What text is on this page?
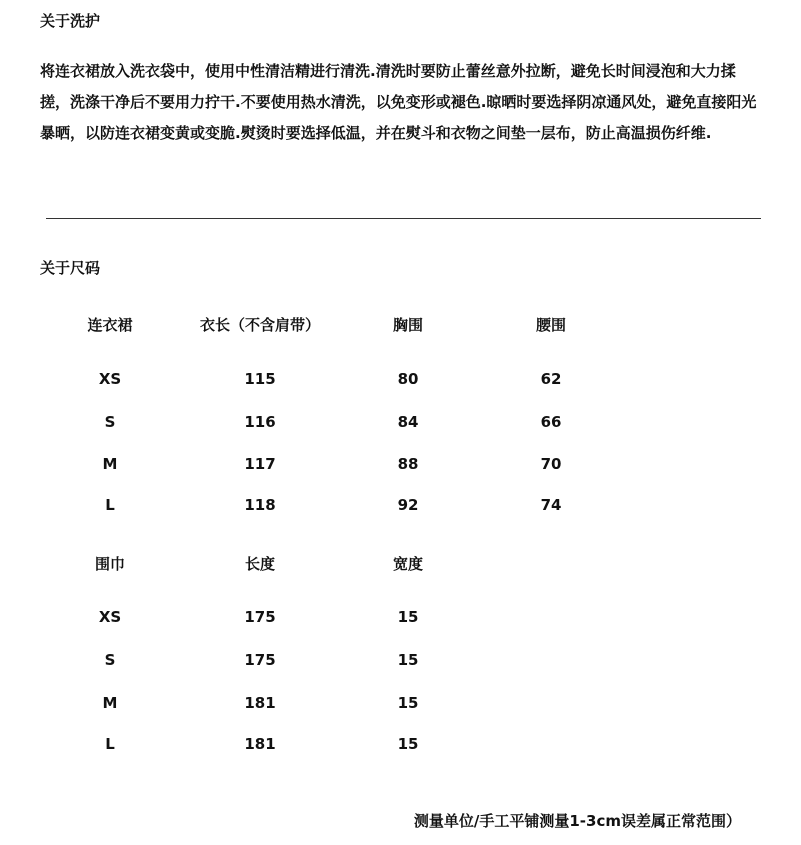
关于洗护

将连衣裙放入洗衣袋中，使用中性清洁精进行清洗.清洗时要防止蕾丝意外拉断，避免长时间浸泡和大力揉搓，洗涤干净后不要用力拧干.不要使用热水清洗，以免变形或褪色.晾晒时要选择阴凉通风处，避免直接阳光暴晒，以防连衣裙变黄或变脆.熨烫时要选择低温，并在熨斗和衣物之间垫一层布，防止高温损伤纤维.

关于尺码
连衣裙	衣长（不含肩带）	胸围	腰围
XS	115	80	62
S	116	84	66
M	117	88	70
L	118	92	74
围巾	长度	宽度
XS	175	15
S	175	15
M	181	15
L	181	15
测量单位/手工平铺测量1-3cm误差属正常范围）
